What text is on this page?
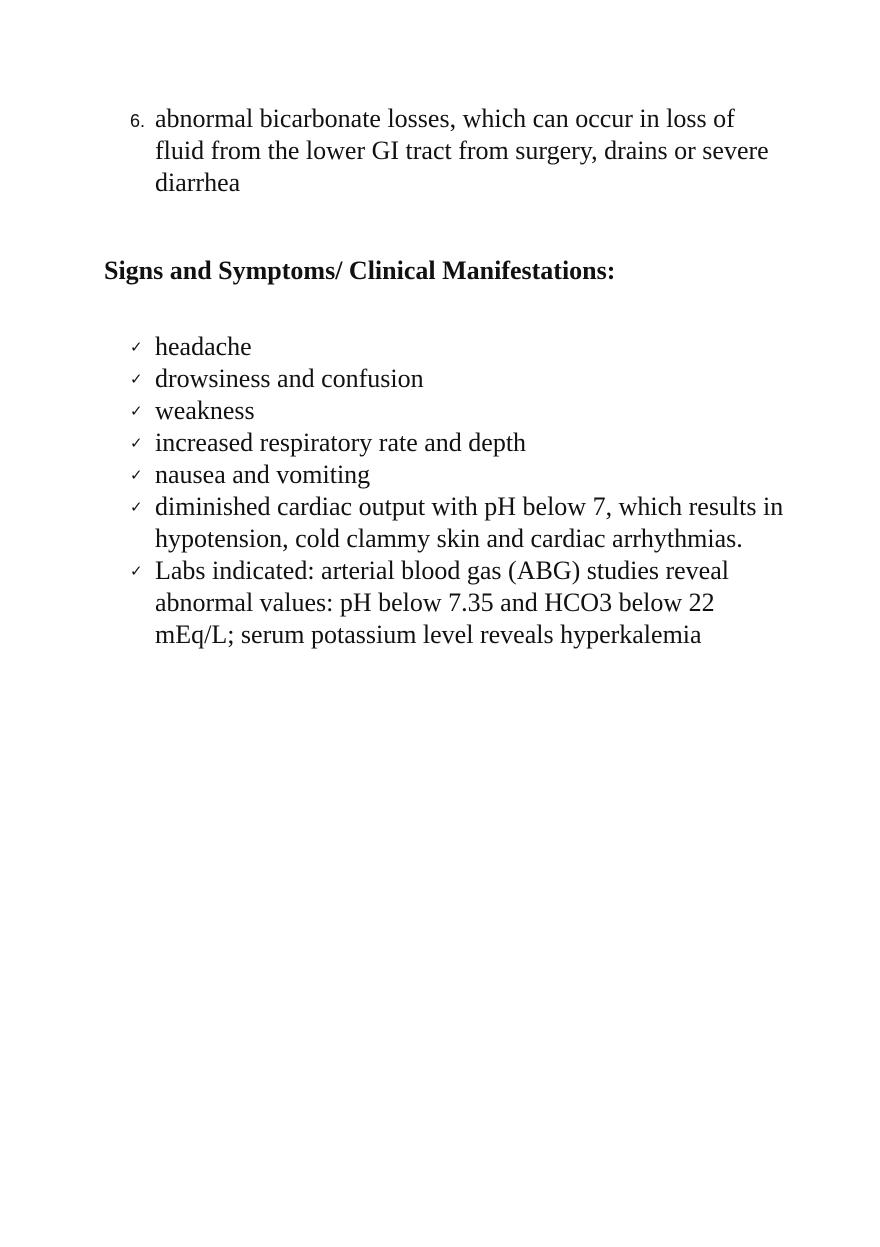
6. abnormal bicarbonate losses, which can occur in loss of fluid from the lower GI tract from surgery, drains or severe diarrhea
Signs and Symptoms/ Clinical Manifestations:
✓ headache
✓ drowsiness and confusion
✓ weakness
✓ increased respiratory rate and depth
✓ nausea and vomiting
✓ diminished cardiac output with pH below 7, which results in hypotension, cold clammy skin and cardiac arrhythmias.
✓ Labs indicated: arterial blood gas (ABG) studies reveal abnormal values: pH below 7.35 and HCO3 below 22 mEq/L; serum potassium level reveals hyperkalemia
